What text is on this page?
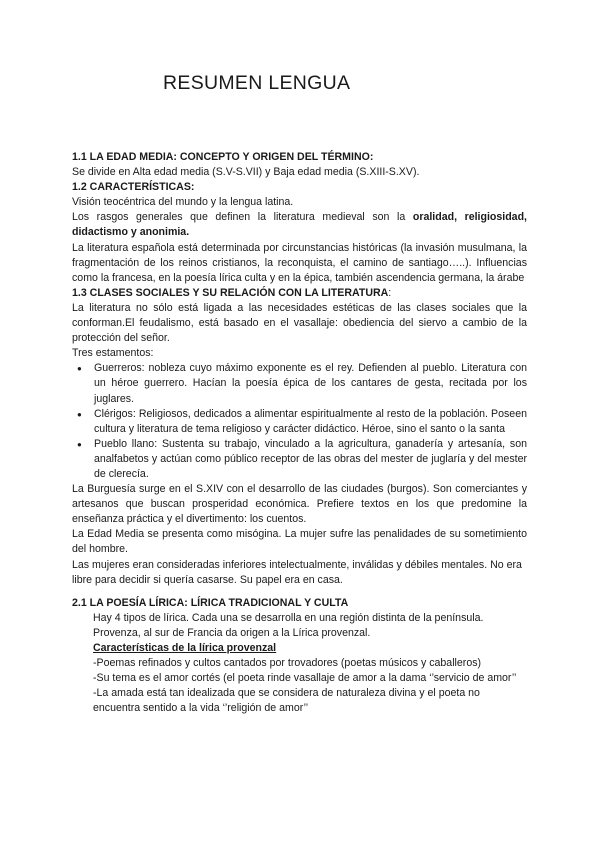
RESUMEN LENGUA

1.1 LA EDAD MEDIA: CONCEPTO Y ORIGEN DEL TÉRMINO:

Se divide en Alta edad media (S.V-S.VII) y Baja edad media (S.XIII-S.XV).

1.2 CARACTERÍSTICAS:

Visión teocéntrica del mundo y la lengua latina.

Los rasgos generales que definen la literatura medieval son la oralidad, religiosidad, didactismo y anonimia.

La literatura española está determinada por circunstancias históricas (la invasión musulmana, la fragmentación de los reinos cristianos, la reconquista, el camino de santiago…..). Influencias como la francesa, en la poesía lírica culta y en la épica, también ascendencia germana, la árabe

1.3 CLASES SOCIALES Y SU RELACIÓN CON LA LITERATURA:

La literatura no sólo está ligada a las necesidades estéticas de las clases sociales que la conforman.El feudalismo, está basado en el vasallaje: obediencia del siervo a cambio de la protección del señor.

Tres estamentos:

● Guerreros: nobleza cuyo máximo exponente es el rey. Defienden al pueblo. Literatura con un héroe guerrero. Hacían la poesía épica de los cantares de gesta, recitada por los juglares.
● Clérigos: Religiosos, dedicados a alimentar espiritualmente al resto de la población. Poseen cultura y literatura de tema religioso y carácter didáctico. Héroe, sino el santo o la santa
● Pueblo llano: Sustenta su trabajo, vinculado a la agricultura, ganadería y artesanía, son analfabetos y actúan como público receptor de las obras del mester de juglaría y del mester de clerecía.

La Burguesía surge en el S.XIV con el desarrollo de las ciudades (burgos). Son comerciantes y artesanos que buscan prosperidad económica. Prefiere textos en los que predomine la enseñanza práctica y el divertimento: los cuentos.

La Edad Media se presenta como misógina. La mujer sufre las penalidades de su sometimiento del hombre.

Las mujeres eran consideradas inferiores intelectualmente, inválidas y débiles mentales. No era libre para decidir si quería casarse. Su papel era en casa.

2.1 LA POESÍA LÍRICA: LÍRICA TRADICIONAL Y CULTA

Hay 4 tipos de lírica. Cada una se desarrolla en una región distinta de la península. Provenza, al sur de Francia da origen a la Lírica provenzal.

Características de la lírica provenzal

-Poemas refinados y cultos cantados por trovadores (poetas músicos y caballeros)

-Su tema es el amor cortés (el poeta rinde vasallaje de amor a la dama ‘’servicio de amor’’

-La amada está tan idealizada que se considera de naturaleza divina y el poeta no encuentra sentido a la vida ‘’religión de amor’’
